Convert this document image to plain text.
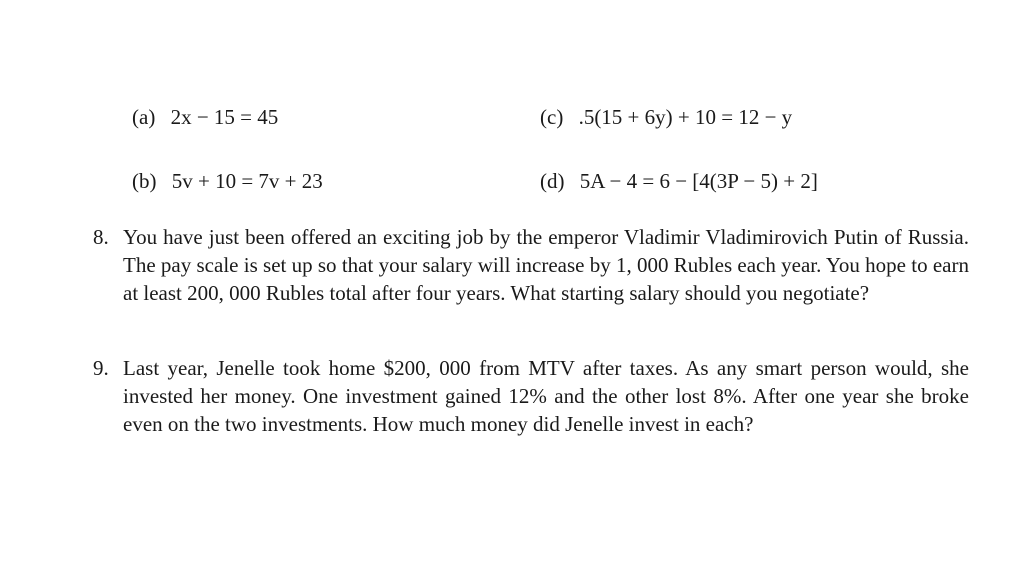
(a) 2x − 15 = 45	(c) .5(15 + 6y) + 10 = 12 − y
(b) 5v + 10 = 7v + 23	(d) 5A − 4 = 6 − [4(3P − 5) + 2]
8. You have just been offered an exciting job by the emperor Vladimir Vladimirovich Putin of Russia. The pay scale is set up so that your salary will increase by 1, 000 Rubles each year. You hope to earn at least 200, 000 Rubles total after four years. What starting salary should you negotiate?
9. Last year, Jenelle took home $200, 000 from MTV after taxes. As any smart person would, she invested her money. One investment gained 12% and the other lost 8%. After one year she broke even on the two investments. How much money did Jenelle invest in each?
